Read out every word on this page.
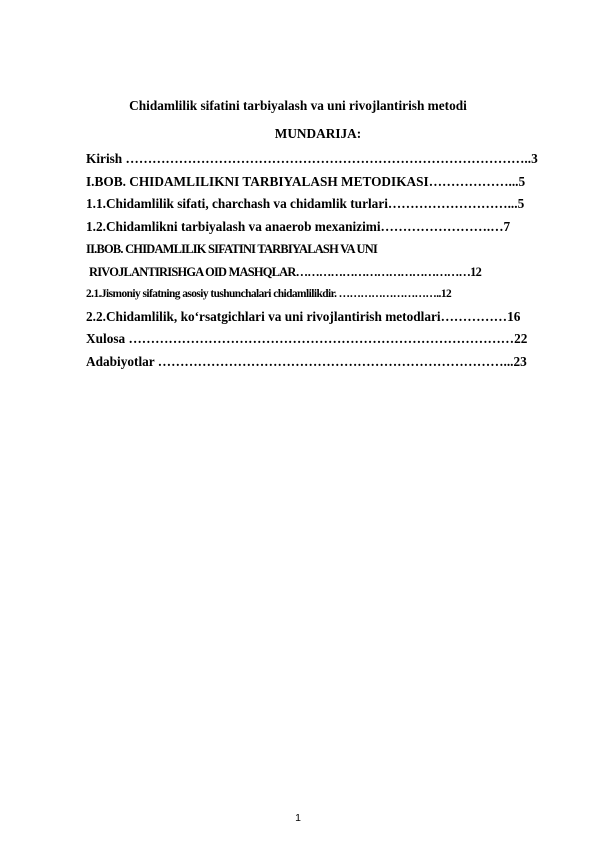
Chidamlilik sifatini tarbiyalash va uni rivojlantirish metodi
MUNDARIJA:
Kirish ………………………………………………………………………………..3
I.BOB. CHIDAMLILIKNI TARBIYALASH METODIKASI………………...5
1.1.Chidamlilik sifati, charchash va chidamlik turlari………………………...5
1.2.Chidamlikni tarbiyalash va anaerob mexanizimi…………………….…7
II.BOB. CHIDAMLILIK SIFATINI TARBIYALASH VA UNI
RIVOJLANTIRISHGA OID MASHQLAR………………………………………12
2.1.Jismoniy sifatning asosiy tushunchalari chidamlilikdir. ………………………..12
2.2.Chidamlilik, ko‘rsatgichlari va uni rivojlantirish metodlari……………16
Xulosa ……………………………………………………………………………22
Adabiyotlar ……………………………………………………………………...23
1
